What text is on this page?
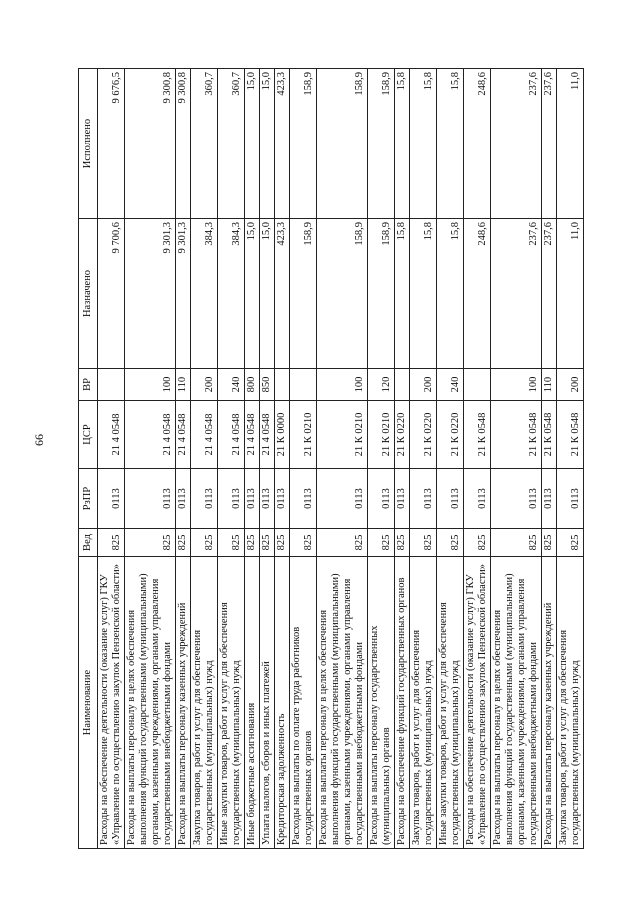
66
Наименование	Вед	РзПР	ЦСР	ВР	Назначено	Исполнено
Расходы на обеспечение деятельности (оказание услуг) ГКУ «Управление по осуществлению закупок Пензенской области»	825	0113	21 4 0548		9 700,6	9 676,5
Расходы на выплаты персоналу в целях обеспечения выполнения функций государственными (муниципальными) органами, казенными учреждениями, органами управления государственными внебюджетными фондами	825	0113	21 4 0548	100	9 301,3	9 300,8
Расходы на выплаты персоналу казенных учреждений	825	0113	21 4 0548	110	9 301,3	9 300,8
Закупка товаров, работ и услуг для обеспечения государственных (муниципальных) нужд	825	0113	21 4 0548	200	384,3	360,7
Иные закупки товаров, работ и услуг для обеспечения государственных (муниципальных) нужд	825	0113	21 4 0548	240	384,3	360,7
Иные бюджетные ассигнования	825	0113	21 4 0548	800	15,0	15,0
Уплата налогов, сборов и иных платежей	825	0113	21 4 0548	850	15,0	15,0
Кредиторская задолженность	825	0113	21 К 0000		423,3	423,3
Расходы на выплаты по оплате труда работников государственных органов	825	0113	21 К 0210		158,9	158,9
Расходы на выплаты персоналу в целях обеспечения выполнения функций государственными (муниципальными) органами, казенными учреждениями, органами управления государственными внебюджетными фондами	825	0113	21 К 0210	100	158,9	158,9
Расходы на выплаты персоналу государственных (муниципальных) органов	825	0113	21 К 0210	120	158,9	158,9
Расходы на обеспечение функций государственных органов	825	0113	21 К 0220		15,8	15,8
Закупка товаров, работ и услуг для обеспечения государственных (муниципальных) нужд	825	0113	21 К 0220	200	15,8	15,8
Иные закупки товаров, работ и услуг для обеспечения государственных (муниципальных) нужд	825	0113	21 К 0220	240	15,8	15,8
Расходы на обеспечение деятельности (оказание услуг) ГКУ «Управление по осуществлению закупок Пензенской области»	825	0113	21 К 0548		248,6	248,6
Расходы на выплаты персоналу в целях обеспечения выполнения функций государственными (муниципальными) органами, казенными учреждениями, органами управления государственными внебюджетными фондами	825	0113	21 К 0548	100	237,6	237,6
Расходы на выплаты персоналу казенных учреждений	825	0113	21 К 0548	110	237,6	237,6
Закупка товаров, работ и услуг для обеспечения государственных (муниципальных) нужд	825	0113	21 К 0548	200	11,0	11,0
